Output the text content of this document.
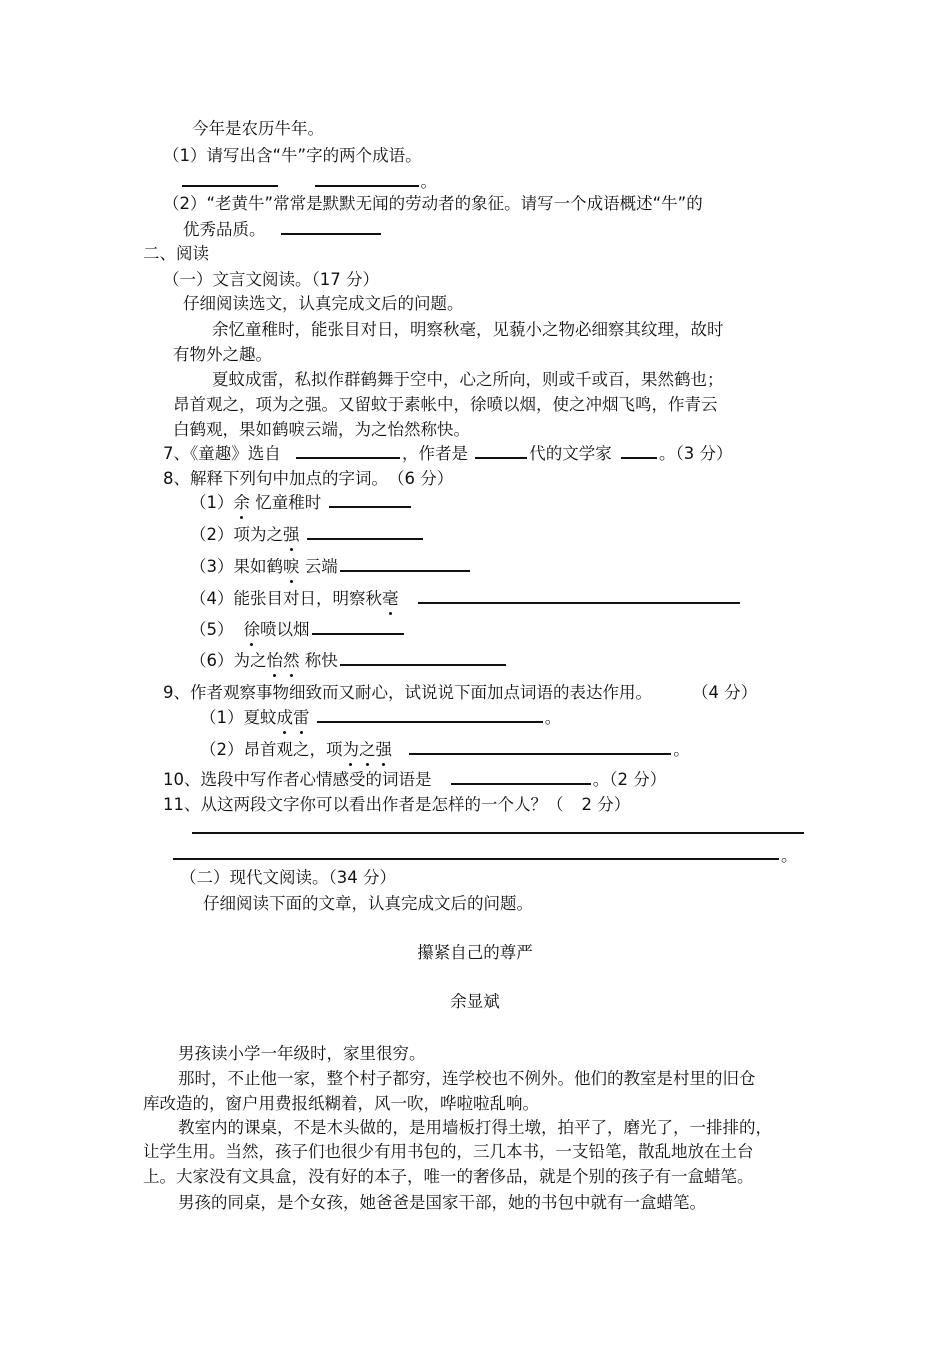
今年是农历牛年。
（1）请写出含“牛”字的两个成语。
。
（2）“老黄牛”常常是默默无闻的劳动者的象征。请写一个成语概述“牛”的
优秀品质。
二、阅读
（一）文言文阅读。（17 分）
仔细阅读选文，认真完成文后的问题。
余忆童稚时，能张目对日，明察秋毫，见藐小之物必细察其纹理，故时
有物外之趣。
夏蚊成雷，私拟作群鹤舞于空中，心之所向，则或千或百，果然鹤也；
昂首观之，项为之强。又留蚊于素帐中，徐喷以烟，使之冲烟飞鸣，作青云
白鹤观，果如鹤唳云端，为之怡然称快。
7、《童趣》选自	，作者是	代的文学家	。（3 分）
8、解释下列句中加点的字词。　（6 分）
（1）余 忆童稚时
（2）项为之强
（3）果如鹤唳 云端
（4）能张目对日，明察秋毫
（5） 徐喷以烟
（6）为之怡然 称快
9、作者观察事物细致而又耐心，试说说下面加点词语的表达作用。 （4 分）
（1）夏蚊成雷	。
（2）昂首观之，项为之强	。
10、选段中写作者心情感受的词语是	。（2 分）
11、从这两段文字你可以看出作者是怎样的一个人？（ 2 分）
。
（二）现代文阅读。（34 分）
仔细阅读下面的文章，认真完成文后的问题。
攥紧自己的尊严
余显斌
男孩读小学一年级时，家里很穷。
那时，不止他一家，整个村子都穷，连学校也不例外。他们的教室是村里的旧仓
库改造的，窗户用费报纸糊着，风一吹，哗啦啦乱响。
教室内的课桌，不是木头做的，是用墙板打得土墩，拍平了，磨光了，一排排的，
让学生用。当然，孩子们也很少有用书包的，三几本书，一支铅笔，散乱地放在土台
上。大家没有文具盒，没有好的本子，唯一的奢侈品，就是个别的孩子有一盒蜡笔。
男孩的同桌，是个女孩，她爸爸是国家干部，她的书包中就有一盒蜡笔。
